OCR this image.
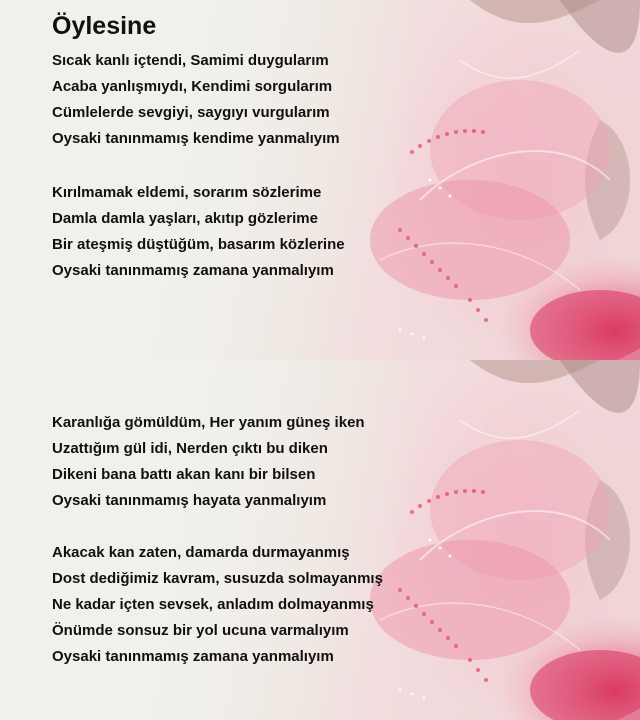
Öylesine
Sıcak kanlı içtendi, Samimi duygularım
Acaba yanlışmıydı, Kendimi sorgularım
Cümlelerde sevgiyi, saygıyı vurgularım
Oysaki tanınmamış kendime yanmalıyım
Kırılmamak eldemi, sorarım sözlerime
Damla damla yaşları, akıtıp gözlerime
Bir ateşmiş düştüğüm, basarım közlerine
Oysaki tanınmamış zamana yanmalıyım
Karanlığa gömüldüm, Her yanım güneş iken
Uzattığım gül idi, Nerden çıktı bu diken
Dikeni bana battı akan kanı bir bilsen
Oysaki tanınmamış hayata yanmalıyım
Akacak kan zaten, damarda durmayanmış
Dost dediğimiz kavram, susuzda solmayanmış
Ne kadar içten sevsek, anladım dolmayanmış
Önümde sonsuz bir yol ucuna varmalıyım
Oysaki tanınmamış zamana yanmalıyım
